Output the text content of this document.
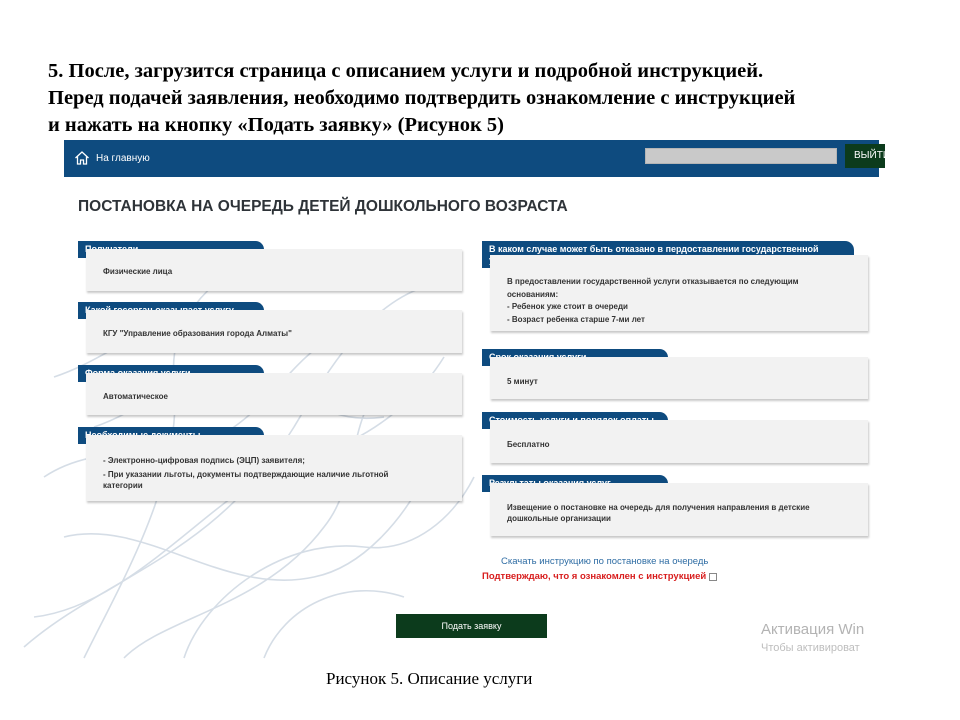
5. После, загрузится страница с описанием услуги и подробной инструкцией.
Перед подачей заявления, необходимо подтвердить ознакомление с инструкцией
и нажать на кнопку «Подать заявку» (Рисунок 5)
На главную	ВЫЙТИ
ПОСТАНОВКА НА ОЧЕРЕДЬ ДЕТЕЙ ДОШКОЛЬНОГО ВОЗРАСТА
Физические лица
КГУ "Управление образования города Алматы"
Автоматическое
- Электронно-цифровая подпись (ЭЦП) заявителя;
- При указании льготы, документы подтверждающие наличие льготной
категории
В каком случае может быть отказано в пердоставлении государственной
В предоставлении государственной услуги отказывается по следующим
основаниям:
- Ребенок уже стоит в очереди
- Возраст ребенка старше 7-ми лет
5 минут
Бесплатно
Извещение о постановке на очередь для получения направления в детские
дошкольные организации
Скачать инструкцию по постановке на очередь
Подтверждаю, что я ознакомлен с инструкцией
Подать заявку	Активация Win
Чтобы активироват
Рисунок 5. Описание услуги
